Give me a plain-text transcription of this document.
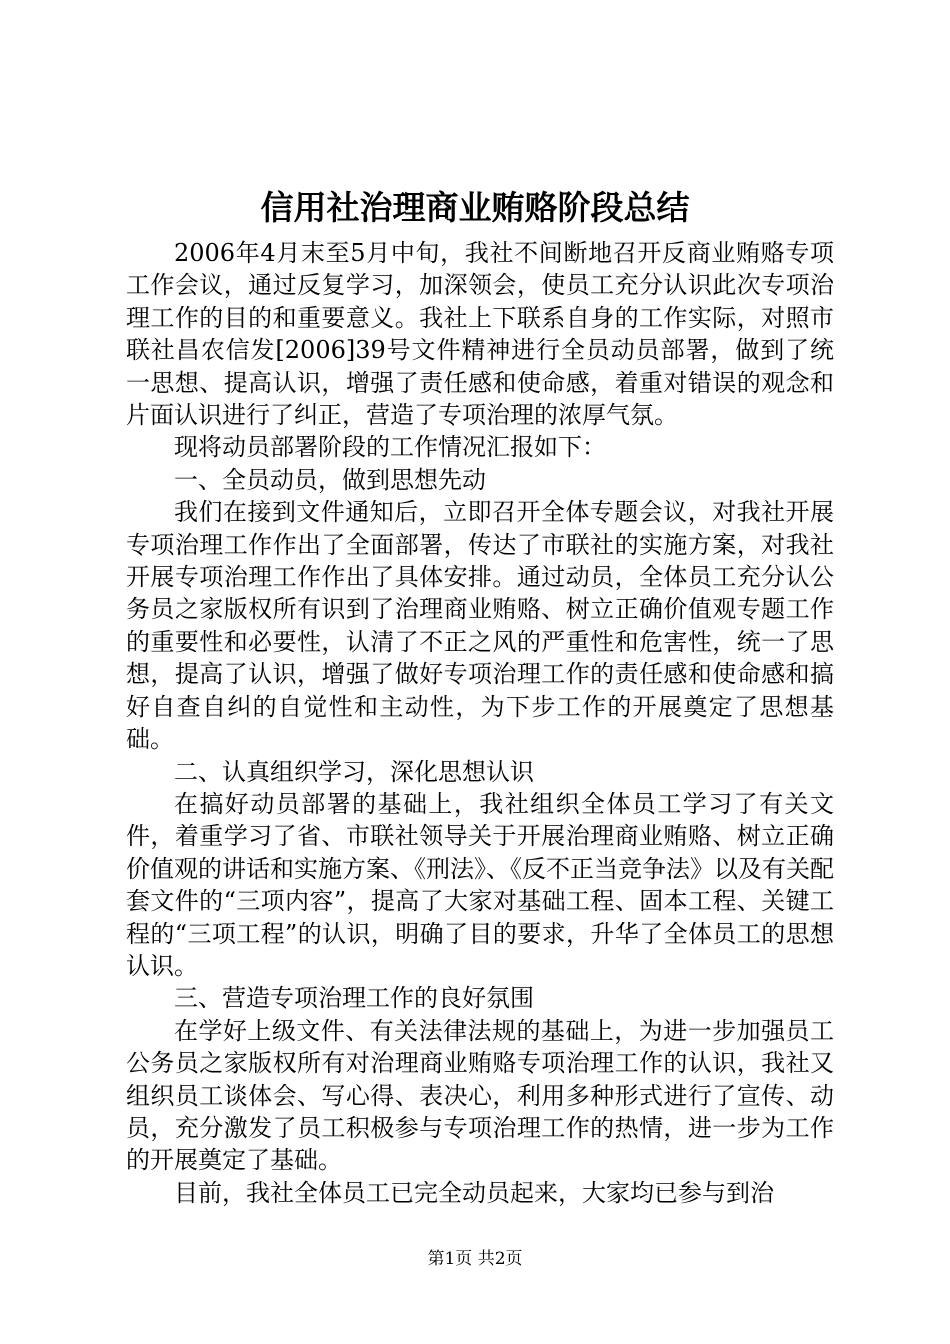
信用社治理商业贿赂阶段总结

2006年4月末至5月中旬，我社不间断地召开反商业贿赂专项工作会议，通过反复学习，加深领会，使员工充分认识此次专项治理工作的目的和重要意义。我社上下联系自身的工作实际，对照市联社昌农信发[2006]39号文件精神进行全员动员部署，做到了统一思想、提高认识，增强了责任感和使命感，着重对错误的观念和片面认识进行了纠正，营造了专项治理的浓厚气氛。

现将动员部署阶段的工作情况汇报如下：

一、全员动员，做到思想先动

我们在接到文件通知后，立即召开全体专题会议，对我社开展专项治理工作作出了全面部署，传达了市联社的实施方案，对我社开展专项治理工作作出了具体安排。通过动员，全体员工充分认公务员之家版权所有识到了治理商业贿赂、树立正确价值观专题工作的重要性和必要性，认清了不正之风的严重性和危害性，统一了思想，提高了认识，增强了做好专项治理工作的责任感和使命感和搞好自查自纠的自觉性和主动性，为下步工作的开展奠定了思想基础。

二、认真组织学习，深化思想认识

在搞好动员部署的基础上，我社组织全体员工学习了有关文件，着重学习了省、市联社领导关于开展治理商业贿赂、树立正确价值观的讲话和实施方案、《刑法》、《反不正当竞争法》以及有关配套文件的“三项内容”，提高了大家对基础工程、固本工程、关键工程的“三项工程”的认识，明确了目的要求，升华了全体员工的思想认识。

三、营造专项治理工作的良好氛围

在学好上级文件、有关法律法规的基础上，为进一步加强员工公务员之家版权所有对治理商业贿赂专项治理工作的认识，我社又组织员工谈体会、写心得、表决心，利用多种形式进行了宣传、动员，充分激发了员工积极参与专项治理工作的热情，进一步为工作的开展奠定了基础。

目前，我社全体员工已完全动员起来，大家均已参与到治

第1页 共2页
